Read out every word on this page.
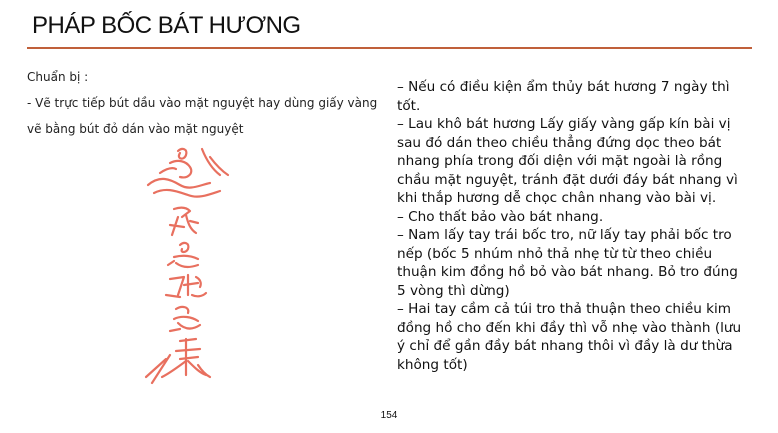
PHÁP BỐC BÁT HƯƠNG

Chuẩn bị :

- Vẽ trực tiếp bút dầu vào mặt nguyệt hay dùng giấy vàng

vẽ bằng bút đỏ dán vào mặt nguyệt

– Nếu có điều kiện ẩm thủy bát hương 7 ngày thì tốt.

– Lau khô bát hương Lấy giấy vàng gấp kín bài vị sau đó dán theo chiều thẳng đứng dọc theo bát nhang phía trong đối diện với mặt ngoài là rồng chầu mặt nguyệt, tránh đặt dưới đáy bát nhang vì khi thắp hương dễ chọc chân nhang vào bài vị.

– Cho thất bảo vào bát nhang.

– Nam lấy tay trái bốc tro, nữ lấy tay phải bốc tro nếp (bốc 5 nhúm nhỏ thả nhẹ từ từ theo chiều thuận kim đồng hồ bỏ vào bát nhang. Bỏ tro đúng 5 vòng thì dừng)

– Hai tay cầm cả túi tro thả thuận theo chiều kim đồng hồ cho đến khi đầy thì vỗ nhẹ vào thành (lưu ý chỉ để gần đầy bát nhang thôi vì đầy là dư thừa không tốt)

154
